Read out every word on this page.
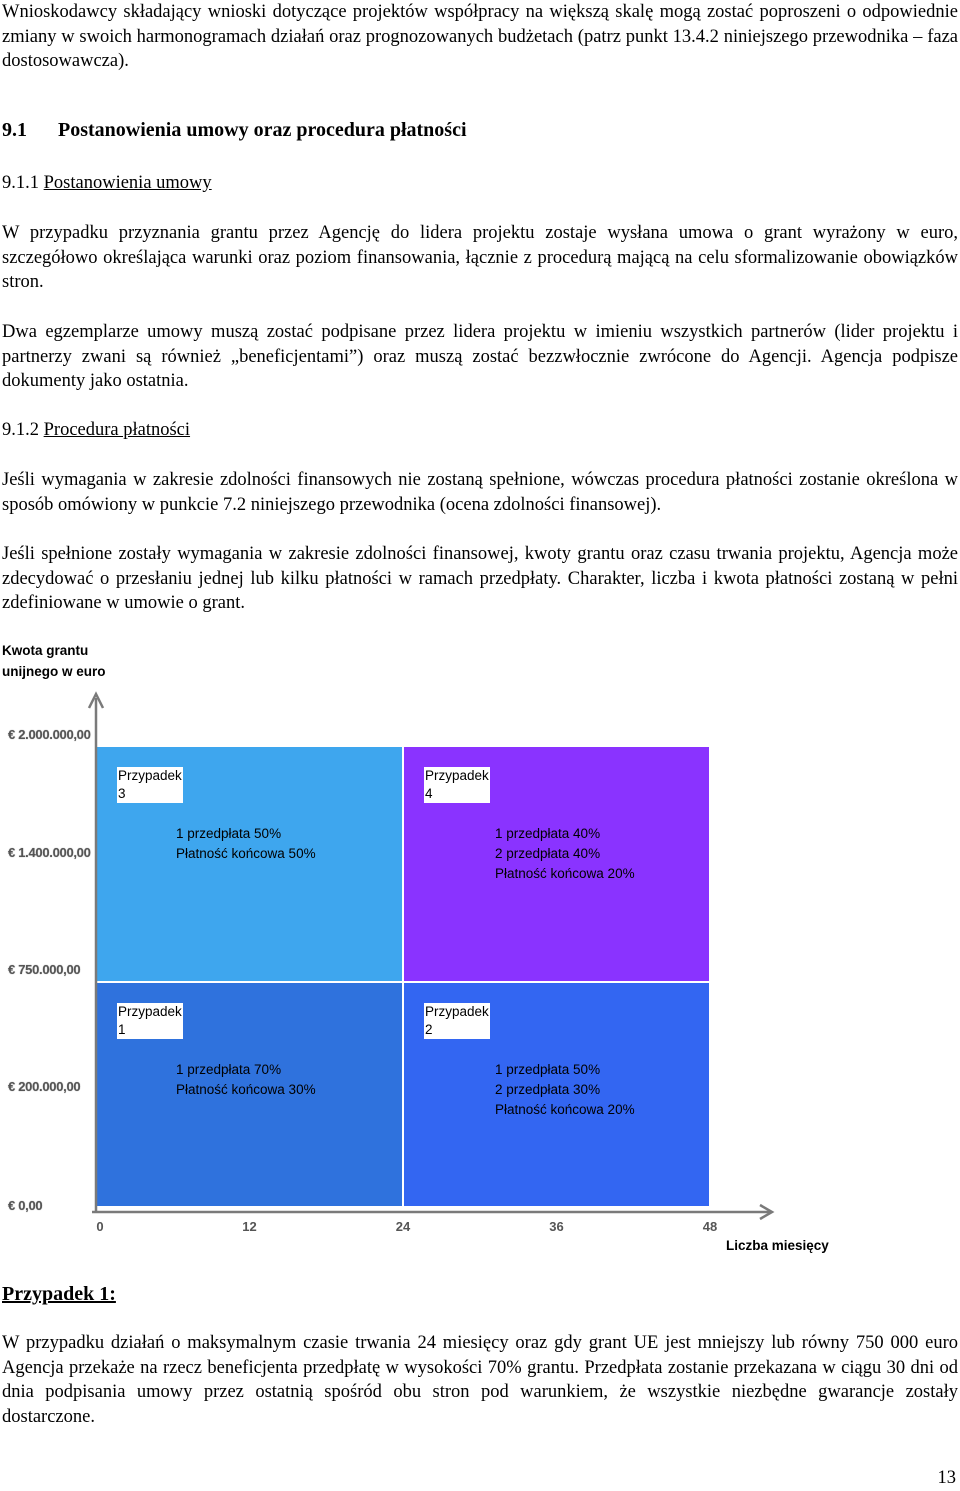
Wnioskodawcy składający wnioski dotyczące projektów współpracy na większą skalę mogą zostać poproszeni o odpowiednie zmiany w swoich harmonogramach działań oraz prognozowanych budżetach (patrz punkt 13.4.2 niniejszego przewodnika – faza dostosowawcza).

9.1 Postanowienia umowy oraz procedura płatności

9.1.1 Postanowienia umowy

W przypadku przyznania grantu przez Agencję do lidera projektu zostaje wysłana umowa o grant wyrażony w euro, szczegółowo określająca warunki oraz poziom finansowania, łącznie z procedurą mającą na celu sformalizowanie obowiązków stron.

Dwa egzemplarze umowy muszą zostać podpisane przez lidera projektu w imieniu wszystkich partnerów (lider projektu i partnerzy zwani są również „beneficjentami”) oraz muszą zostać bezzwłocznie zwrócone do Agencji. Agencja podpisze dokumenty jako ostatnia.

9.1.2 Procedura płatności

Jeśli wymagania w zakresie zdolności finansowych nie zostaną spełnione, wówczas procedura płatności zostanie określona w sposób omówiony w punkcie 7.2 niniejszego przewodnika (ocena zdolności finansowej).

Jeśli spełnione zostały wymagania w zakresie zdolności finansowej, kwoty grantu oraz czasu trwania projektu, Agencja może zdecydować o przesłaniu jednej lub kilku płatności w ramach przedpłaty. Charakter, liczba i kwota płatności zostaną w pełni zdefiniowane w umowie o grant.

Kwota grantu unijnego w euro
Liczba miesięcy
Przypadek 3
1 przedpłata 50%
Płatność końcowa 50%
Przypadek 4
1 przedpłata 40%
2 przedpłata 40%
Płatność końcowa 20%
Przypadek 1
1 przedpłata 70%
Płatność końcowa 30%
Przypadek 2
1 przedpłata 50%
2 przedpłata 30%
Płatność końcowa 20%
€ 2.000.000,00
€ 1.400.000,00
€ 750.000,00
€ 200.000,00
€ 0,00
0	12	24	36	48

Przypadek 1:

W przypadku działań o maksymalnym czasie trwania 24 miesięcy oraz gdy grant UE jest mniejszy lub równy 750 000 euro Agencja przekaże na rzecz beneficjenta przedpłatę w wysokości 70% grantu. Przedpłata zostanie przekazana w ciągu 30 dni od dnia podpisania umowy przez ostatnią spośród obu stron pod warunkiem, że wszystkie niezbędne gwarancje zostały dostarczone.

13
